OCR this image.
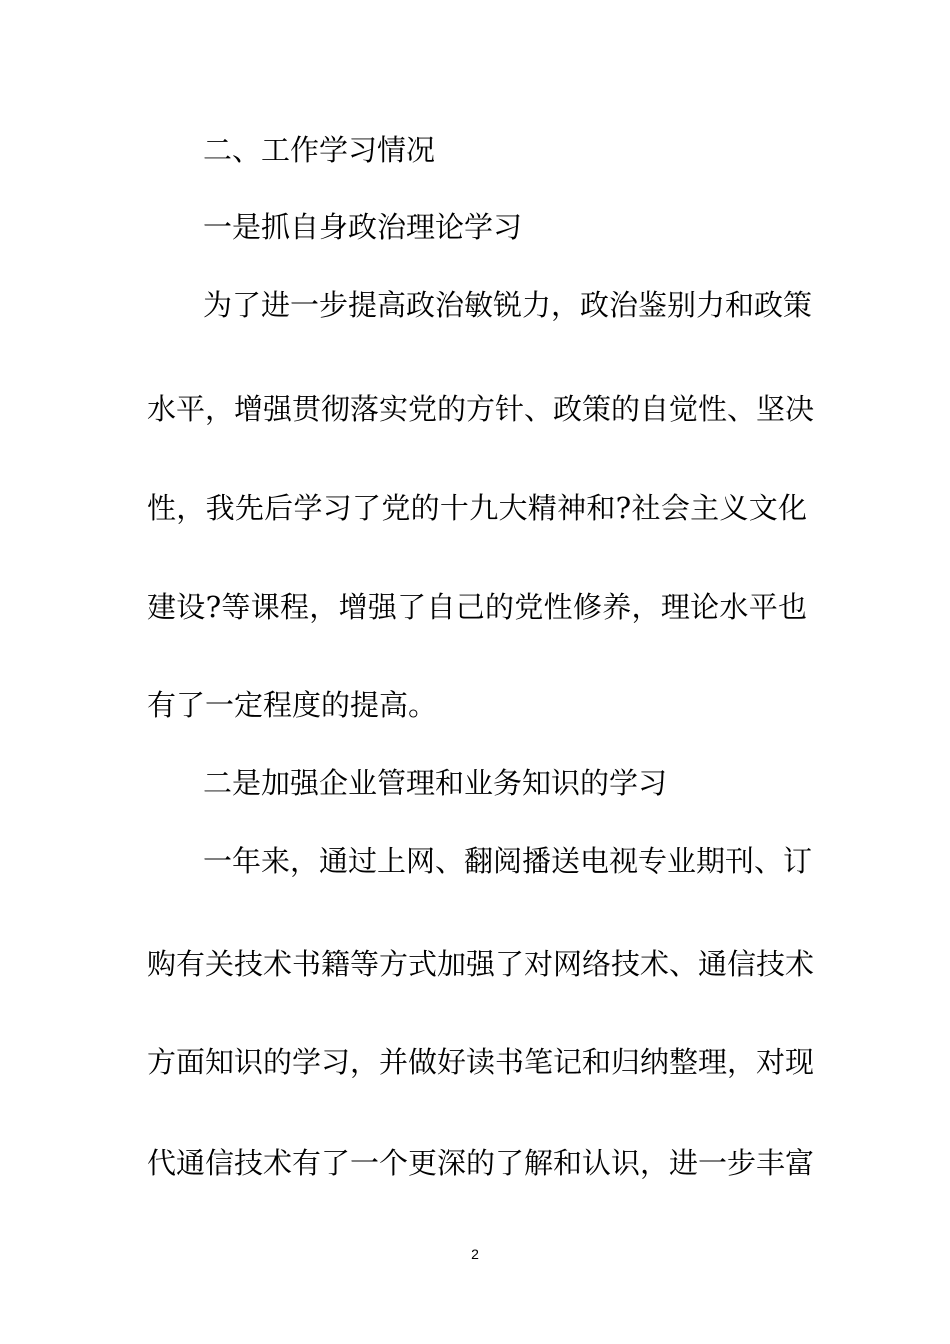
二、工作学习情况
一是抓自身政治理论学习
为了进一步提高政治敏锐力，政治鉴别力和政策
水平，增强贯彻落实党的方针、政策的自觉性、坚决
性，我先后学习了党的十九大精神和?社会主义文化
建设?等课程，增强了自己的党性修养，理论水平也
有了一定程度的提高。
二是加强企业管理和业务知识的学习
一年来，通过上网、翻阅播送电视专业期刊、订
购有关技术书籍等方式加强了对网络技术、通信技术
方面知识的学习，并做好读书笔记和归纳整理，对现
代通信技术有了一个更深的了解和认识，进一步丰富
2
